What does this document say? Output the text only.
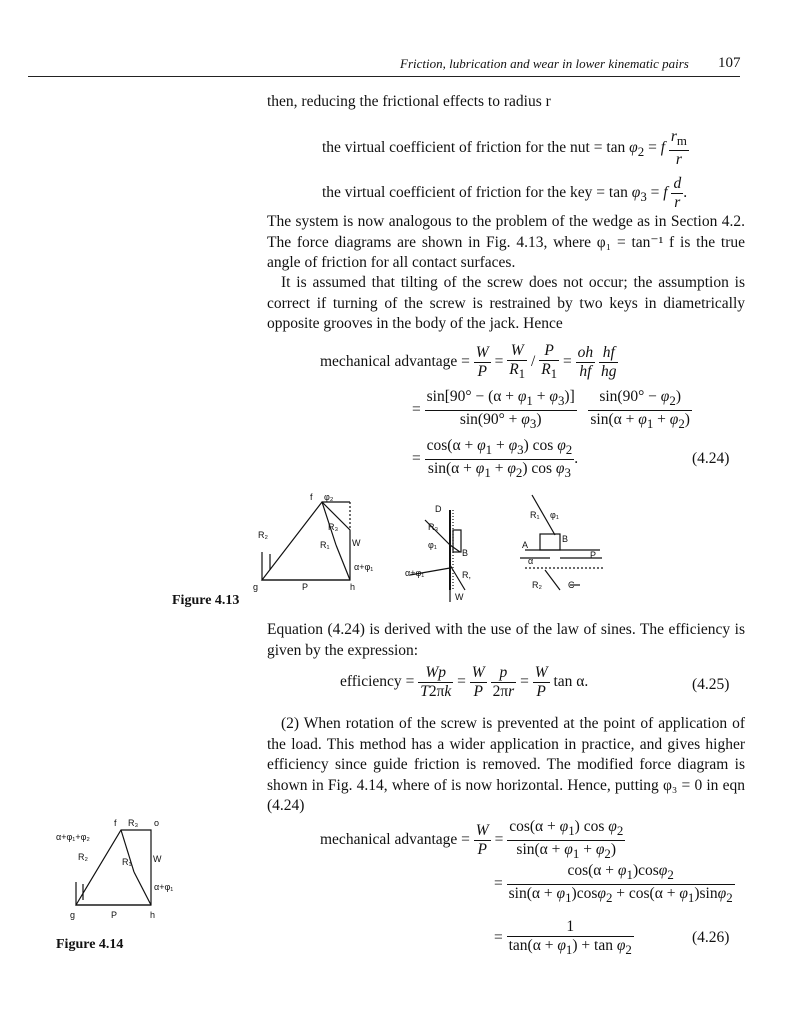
Friction, lubrication and wear in lower kinematic pairs 107
then, reducing the frictional effects to radius r
the virtual coefficient of friction for the nut = $\tan \varphi_2 = f \frac{r_m}{r}$
the virtual coefficient of friction for the key = $\tan \varphi_3 = f \frac{d}{r}$ .
The system is now analogous to the problem of the wedge as in Section 4.2. The force diagrams are shown in Fig. 4.13, where φ₁ = tan⁻¹ f is the true angle of friction for all contact surfaces.
It is assumed that tilting of the screw does not occur; the assumption is correct if turning of the screw is restrained by two keys in diametrically opposite grooves in the body of the jack. Hence
mechanical advantage = $\frac{W}{P} = \frac{W}{R_1} / \frac{P}{R_1} = \frac{oh}{hf}$
$\frac{hf}{hg}$
= $\frac{\sin[90^\circ - (\alpha + \varphi_1 + \varphi_3)]}{\sin(90^\circ + \varphi_3)}$
$\frac{\sin(90^\circ - \varphi_2)}{\sin(\alpha + \varphi_1 + \varphi_2)}$
= $\frac{\cos(\alpha + \varphi_1 + \varphi_3) \cos \varphi_2}{\sin(\alpha + \varphi_1 + \varphi_2) \cos \varphi_3}$ .	(4.24)
f φ₂
R₂
R₃
R₁ W
α+φ₁
g	P	h
D
R₃
φ₁
B
α+φ₁	R,
W
R₁ φ₁
A
B
P
α
R₂	C
Figure 4.13
Equation (4.24) is derived with the use of the law of sines. The efficiency is given by the expression:
efficiency = $\frac{Wp}{T2\pi k} = \frac{W}{P}$
$\frac{p}{2\pi r} = \frac{W}{P}$ tan α.	(4.25)
(2) When rotation of the screw is prevented at the point of application of the load. This method has a wider application in practice, and gives higher efficiency since guide friction is removed. The modified force diagram is shown in Fig. 4.14, where of is now horizontal. Hence, putting φ₃ = 0 in eqn (4.24)
mechanical advantage = $\frac{W}{P} = \frac{\cos(\alpha + \varphi_1) \cos \varphi_2}{\sin(\alpha + \varphi_1 + \varphi_2)}$
= $\frac{\cos(\alpha + \varphi_1)\cos\varphi_2}{\sin(\alpha + \varphi_1)\cos\varphi_2 + \cos(\alpha + \varphi_1)\sin\varphi_2}$
= $\frac{1}{\tan(\alpha + \varphi_1) + \tan \varphi_2}$	(4.26)
α+φ₁+φ₂
f R₃ o
R₂	R₁ W
α+φ₁
g	P	h
Figure 4.14
